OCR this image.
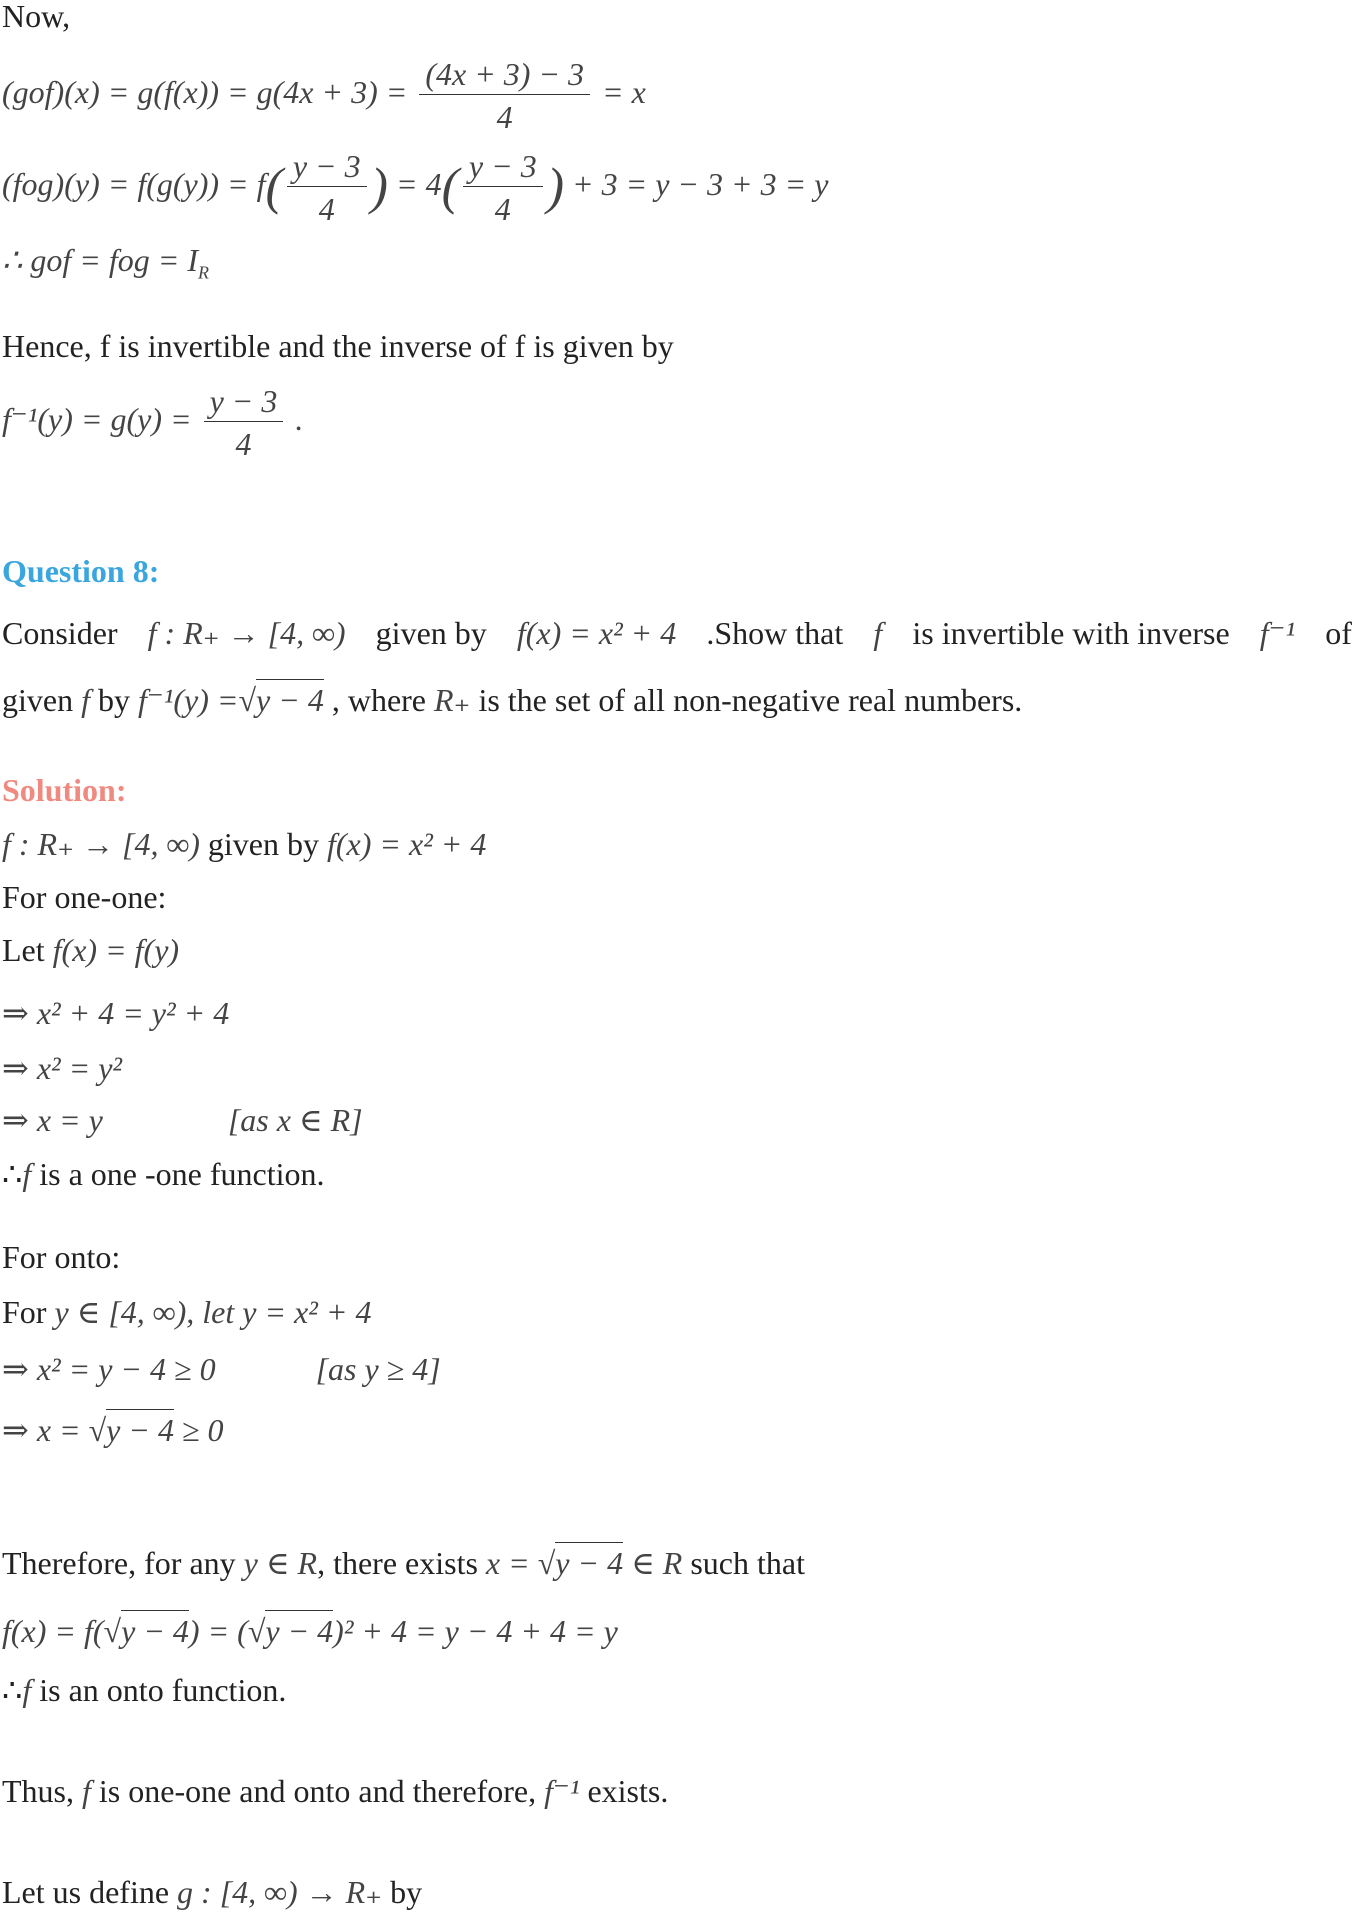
Now,
$(gof)(x) = g(f(x)) = g(4x + 3) = \frac{(4x + 3) - 3}{4} = x$
$(fog)(y) = f(g(y)) = f( \frac{y - 3}{4}$ ) = $4( \frac{y - 3}{4}$ ) + 3 = y − 3 + 3 = y
∴ gof = fog = $I_R$
Hence, f is invertible and the inverse of f is given by
$f^{-1}(y) = g(y) = \frac{y - 3}{4}$ .
Question 8:
Consider f : R₊ → [4, ∞) given by f(x) = x² + 4 .Show that f is invertible with inverse f⁻¹ of
given f by f⁻¹(y) =√y − 4 , where R₊ is the set of all non-negative real numbers.
Solution:
f : R₊ → [4, ∞) given by f(x) = x² + 4
For one-one:
Let f(x) = f(y)
⇒ x² + 4 = y² + 4
⇒ x² = y²
⇒ x = y	[as x ∈ R]
∴f is a one -one function.
For onto:
For y ∈ [4, ∞), let y = x² + 4
⇒ x² = y − 4 ≥ 0	[as y ≥ 4]
⇒ x = √y − 4 ≥ 0
Therefore, for any y ∈ R, there exists x = √y − 4 ∈ R such that
f(x) = f(√y − 4) = (√y − 4)² + 4 = y − 4 + 4 = y
∴f is an onto function.
Thus, f is one-one and onto and therefore, f⁻¹ exists.
Let us define g : [4, ∞) → R₊ by
